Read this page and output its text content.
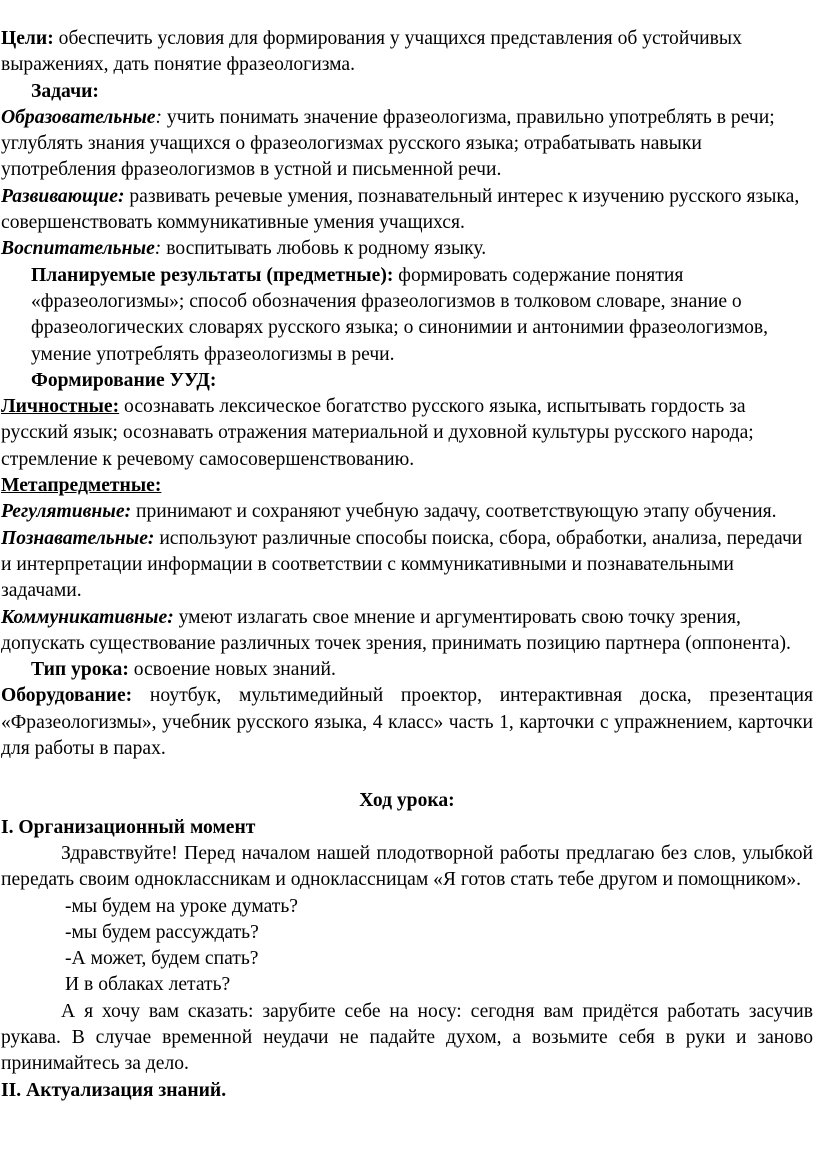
Цели: обеспечить условия для формирования у учащихся представления об устойчивых выражениях, дать понятие фразеологизма.

Задачи:

Образовательные: учить понимать значение фразеологизма, правильно употреблять в речи; углублять знания учащихся о фразеологизмах русского языка; отрабатывать навыки употребления фразеологизмов в устной и письменной речи.

Развивающие: развивать речевые умения, познавательный интерес к изучению русского языка, совершенствовать коммуникативные умения учащихся.

Воспитательные: воспитывать любовь к родному языку.

Планируемые результаты (предметные): формировать содержание понятия «фразеологизмы»; способ обозначения фразеологизмов в толковом словаре, знание о фразеологических словарях русского языка; о синонимии и антонимии фразеологизмов, умение употреблять фразеологизмы в речи.

Формирование УУД:

Личностные: осознавать лексическое богатство русского языка, испытывать гордость за русский язык; осознавать отражения материальной и духовной культуры русского народа; стремление к речевому самосовершенствованию.

Метапредметные:

Регулятивные: принимают и сохраняют учебную задачу, соответствующую этапу обучения.

Познавательные: используют различные способы поиска, сбора, обработки, анализа, передачи и интерпретации информации в соответствии с коммуникативными и познавательными задачами.

Коммуникативные: умеют излагать свое мнение и аргументировать свою точку зрения, допускать существование различных точек зрения, принимать позицию партнера (оппонента).

Тип урока: освоение новых знаний.

Оборудование: ноутбук, мультимедийный проектор, интерактивная доска, презентация «Фразеологизмы», учебник русского языка, 4 класс» часть 1, карточки с упражнением, карточки для работы в парах.

Ход урока:

I. Организационный момент

Здравствуйте! Перед началом нашей плодотворной работы предлагаю без слов, улыбкой передать своим одноклассникам и одноклассницам «Я готов стать тебе другом и помощником».

-мы будем на уроке думать?

-мы будем рассуждать?

-А может, будем спать?

И в облаках летать?

А я хочу вам сказать: зарубите себе на носу: сегодня вам придётся работать засучив рукава. В случае временной неудачи не падайте духом, а возьмите себя в руки и заново принимайтесь за дело.

II. Актуализация знаний.
